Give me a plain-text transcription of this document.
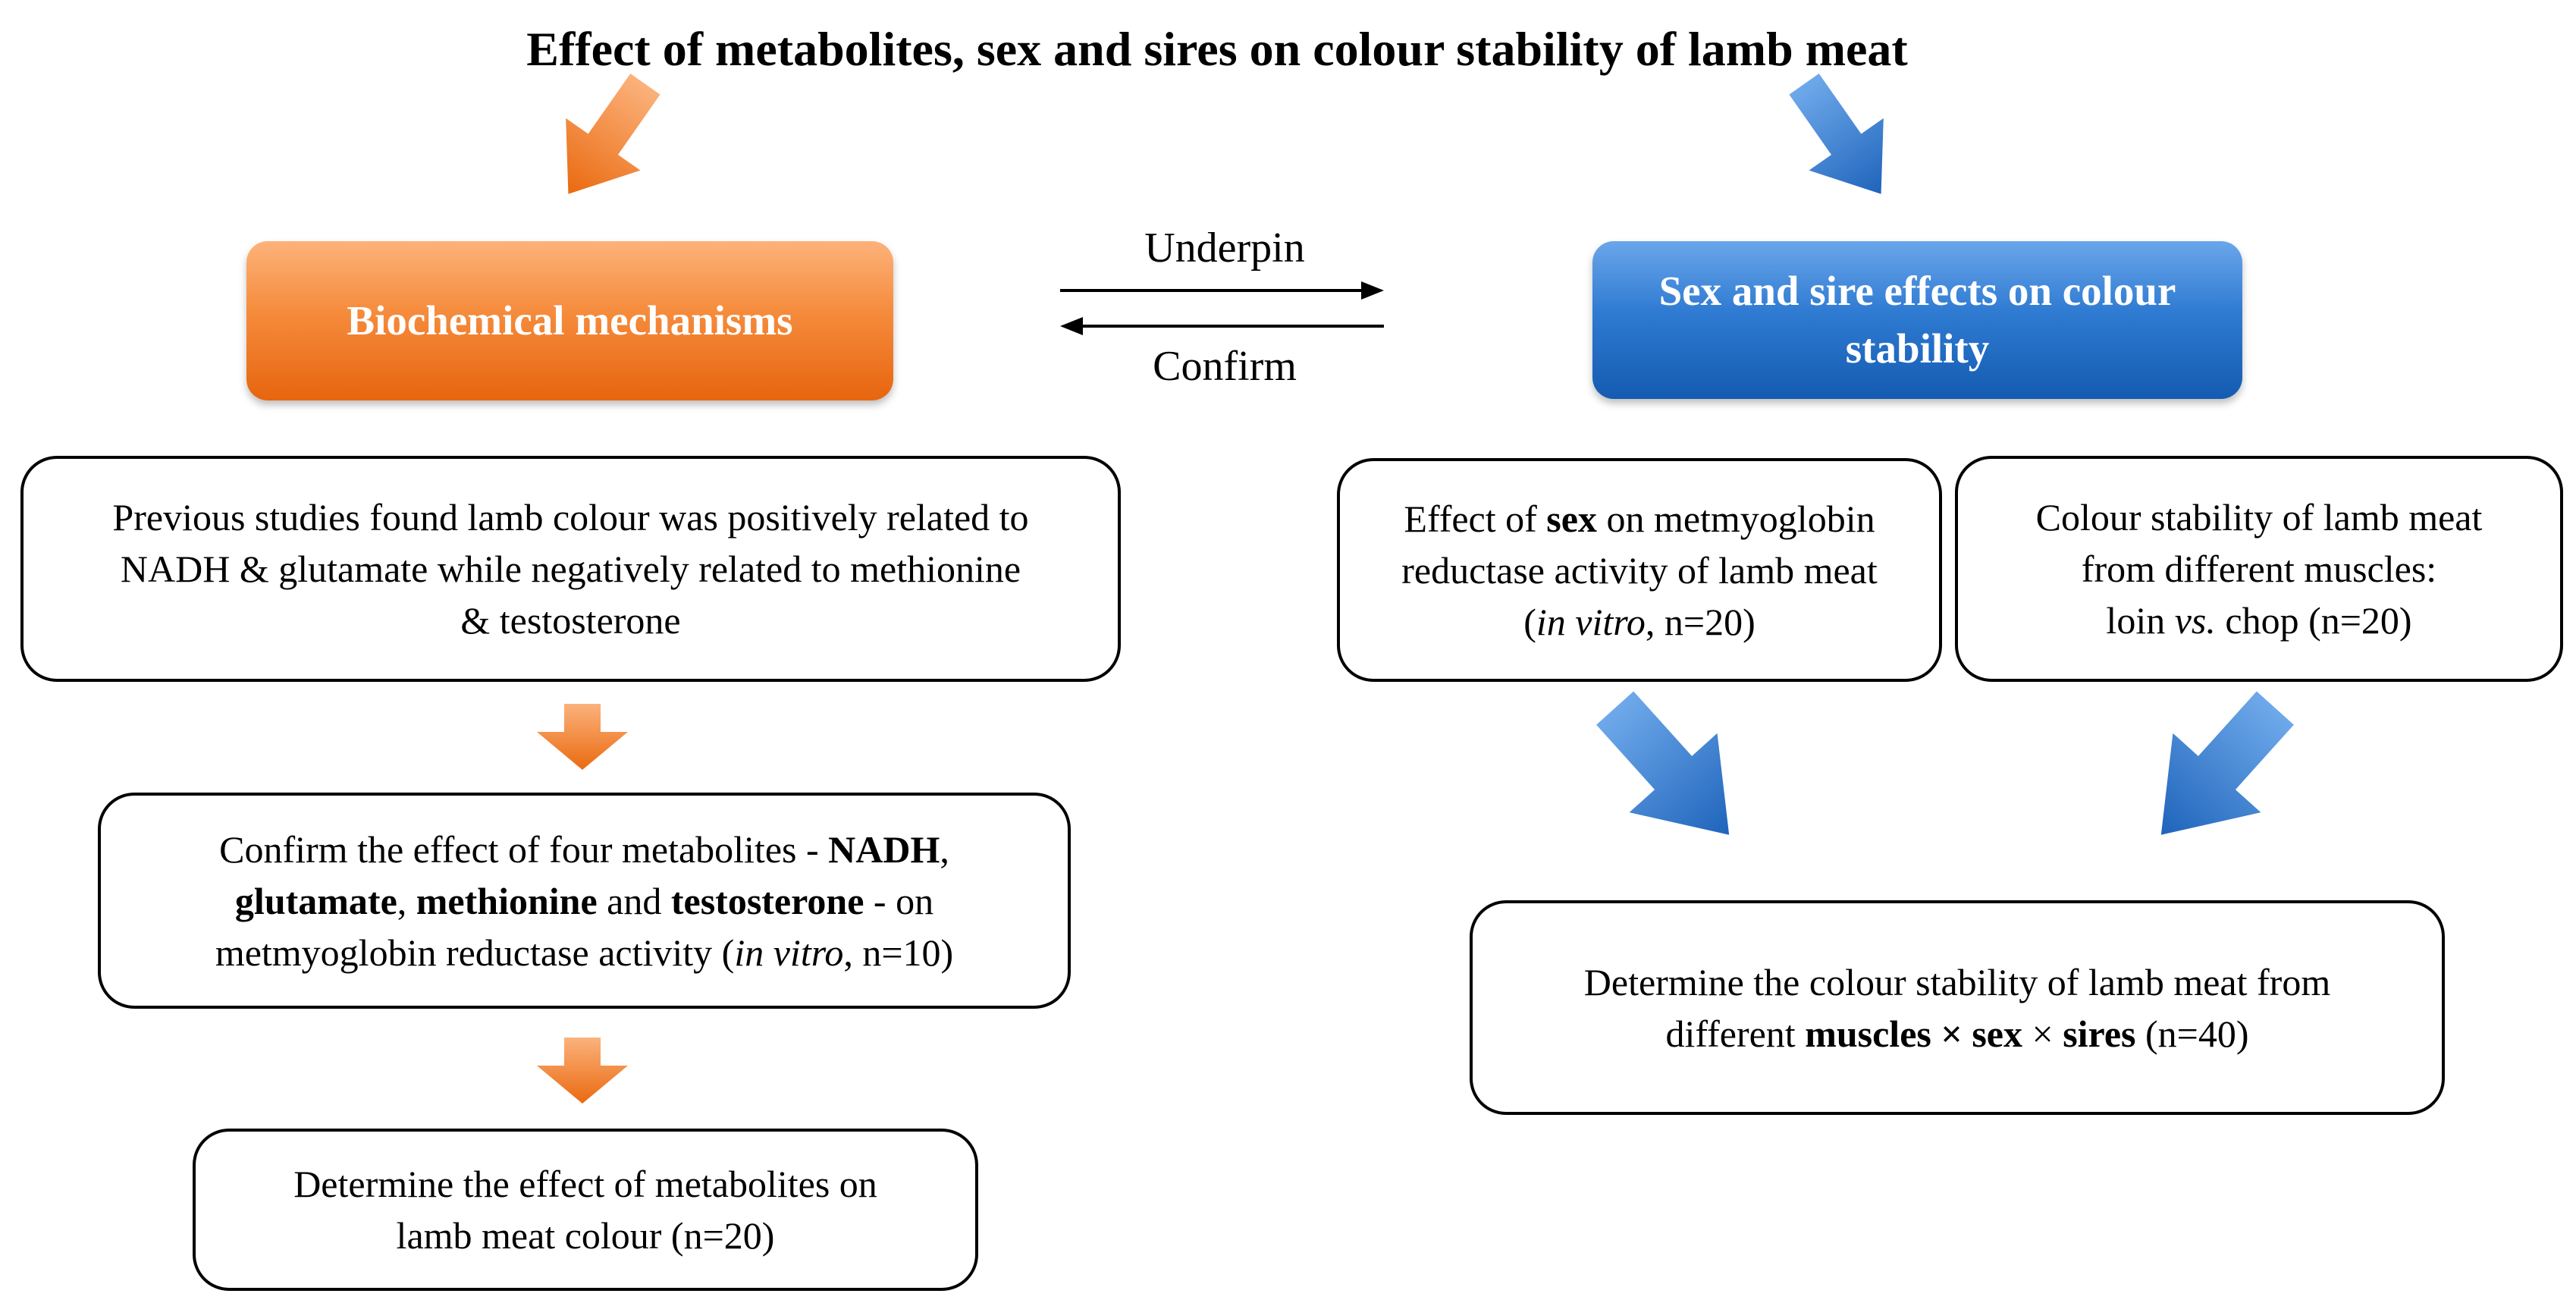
Effect of metabolites, sex and sires on colour stability of lamb meat
Biochemical mechanisms
Sex and sire effects on colour stability
Underpin
Confirm
Previous studies found lamb colour was positively related to
NADH & glutamate while negatively related to methionine
& testosterone
Confirm the effect of four metabolites - NADH,
glutamate, methionine and testosterone - on
metmyoglobin reductase activity (in vitro, n=10)
Determine the effect of metabolites on
lamb meat colour (n=20)
Effect of sex on metmyoglobin
reductase activity of lamb meat
(in vitro, n=20)
Colour stability of lamb meat
from different muscles:
loin vs. chop (n=20)
Determine the colour stability of lamb meat from
different muscles × sex × sires (n=40)
